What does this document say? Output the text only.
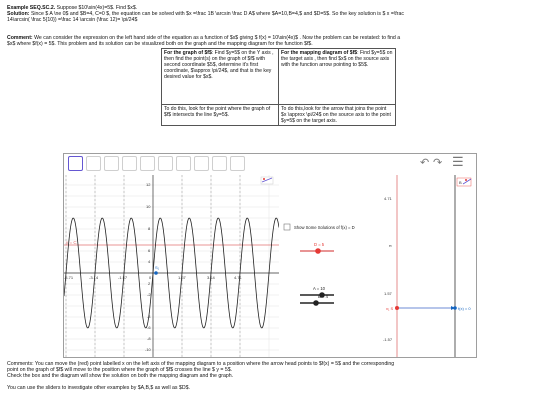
Example SEQ.SC.2. Suppose $10\sin(4x)=5$. Find $x$.
Solution: Since $ A \ne 0$ and $B=4, C=0 $, the equation can be solved with $x =\frac 1B \arcsin \frac D A$ where $A=10,B=4,$ and $D=5$. So the key solution is $ x =\frac
14\arcsin( \frac 5{10}) =\frac 14 \arcsin (\frac 12)= \pi/24$
Comment: We can consider the expression on the left hand side of the equation as a function of $x$ giving $ f(x) = 10\sin(4x)$ . Now the problem can be restated: to find a
$x$ where $f(x) = 5$. This problem and its solution can be visualized both on the graph and the mapping diagram for the function $f$.
For the graph of $f$: Find $y=5$ on the Y axis , then find the point(s) on the graph of $f$ with second coordinate $5$, determine it's first coordinate, $\approx \pi/24$, and that is the key desired value for $x$.	For the mapping diagram of $f$: Find $y=5$ on the target axis , then find $x$ on the source axis with the function arrow pointing to $5$.
To do this, look for the point where the graph of $f$ intersects the line $y=5$.	To do this,look for the arrow that joins the point $x \approx \pi/24$ on the source axis to the point $y=5$ on the target axis.
↶ ↷ ☰
12
10
8
6
4
2
-2
-4
-6
-8
-10
-4.71	-3.14	-1.57	0	1.57	3.14	4.71
y = C
S₁
Show Some Solutions of f(x) = D
D = 5
A = 10
B = 4
4.71
π
1.57
-1.57
x₁ S	f(x) = 0
B
Comments: You can move the (red) point labelled x on the left axis of the mapping diagram to a position where the arrow head points to $f(x) = 5$ and the corresponding
point on the graph of $f$ will move to the position where the graph of $f$ crosses the line $ y = 5$.
Check the box and the diagram will show the solution on both the mapping diagram and the graph.
You can use the sliders to investigate other examples by $A,B,$ as well as $D$.
